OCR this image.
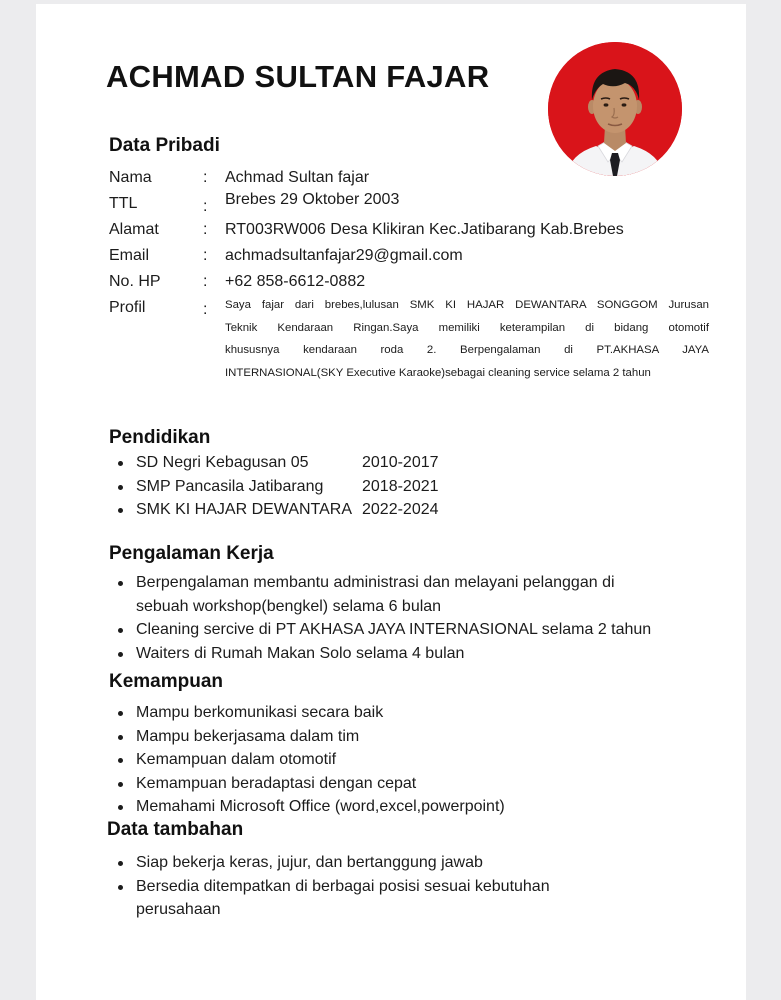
ACHMAD SULTAN FAJAR
Data Pribadi
Nama	: Achmad Sultan fajar
TTL	: Brebes 29 Oktober 2003
Alamat	: RT003RW006 Desa Klikiran Kec.Jatibarang Kab.Brebes
Email	: achmadsultanfajar29@gmail.com
No. HP	: +62 858-6612-0882
Profil	: Saya fajar dari brebes,lulusan SMK KI HAJAR DEWANTARA SONGGOM Jurusan
Teknik Kendaraan Ringan.Saya memiliki keterampilan di bidang otomotif
khususnya kendaraan roda 2. Berpengalaman di PT.AKHASA JAYA
INTERNASIONAL(SKY Executive Karaoke)sebagai cleaning service selama 2 tahun

Pendidikan
SD Negri Kebagusan 05	2010-2017
SMP Pancasila Jatibarang 2018-2021
SMK KI HAJAR DEWANTARA 2022-2024
Pengalaman Kerja
Berpengalaman membantu administrasi dan melayani pelanggan di
sebuah workshop(bengkel) selama 6 bulan
Cleaning sercive di PT AKHASA JAYA INTERNASIONAL selama 2 tahun
Waiters di Rumah Makan Solo selama 4 bulan
Kemampuan
Mampu berkomunikasi secara baik
Mampu bekerjasama dalam tim
Kemampuan dalam otomotif
Kemampuan beradaptasi dengan cepat
Memahami Microsoft Office (word,excel,powerpoint)
Data tambahan
Siap bekerja keras, jujur, dan bertanggung jawab
Bersedia ditempatkan di berbagai posisi sesuai kebutuhan
perusahaan
